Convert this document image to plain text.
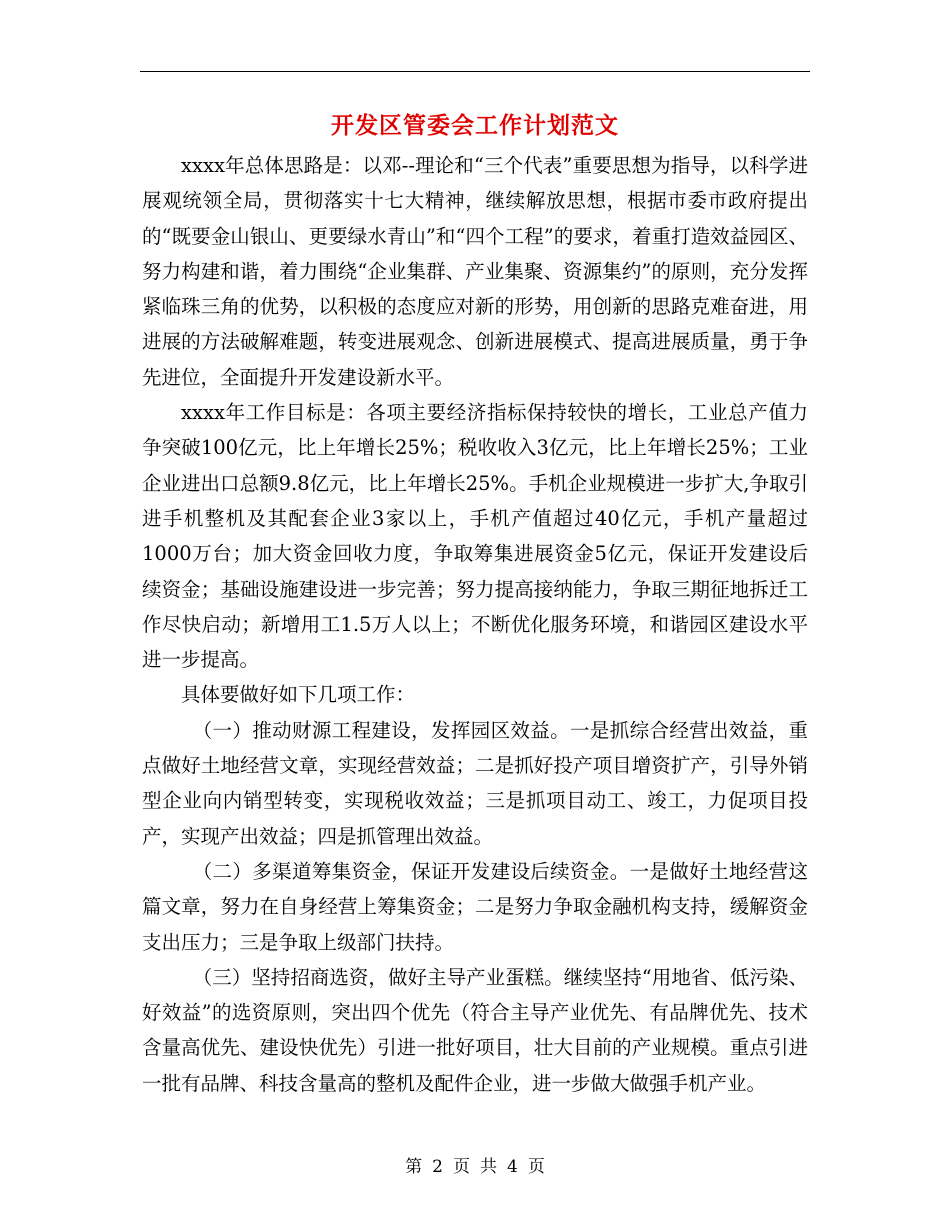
开发区管委会工作计划范文

xxxx年总体思路是：以邓--理论和“三个代表”重要思想为指导，以科学进展观统领全局，贯彻落实十七大精神，继续解放思想，根据市委市政府提出的“既要金山银山、更要绿水青山”和“四个工程”的要求，着重打造效益园区、努力构建和谐，着力围绕“企业集群、产业集聚、资源集约”的原则，充分发挥紧临珠三角的优势，以积极的态度应对新的形势，用创新的思路克难奋进，用进展的方法破解难题，转变进展观念、创新进展模式、提高进展质量，勇于争先进位，全面提升开发建设新水平。

xxxx年工作目标是：各项主要经济指标保持较快的增长，工业总产值力争突破100亿元，比上年增长25%；税收收入3亿元，比上年增长25%；工业企业进出口总额9.8亿元，比上年增长25%。手机企业规模进一步扩大,争取引进手机整机及其配套企业3家以上，手机产值超过40亿元，手机产量超过1000万台；加大资金回收力度，争取筹集进展资金5亿元，保证开发建设后续资金；基础设施建设进一步完善；努力提高接纳能力，争取三期征地拆迁工作尽快启动；新增用工1.5万人以上；不断优化服务环境，和谐园区建设水平进一步提高。

具体要做好如下几项工作：

（一）推动财源工程建设，发挥园区效益。一是抓综合经营出效益，重点做好土地经营文章，实现经营效益；二是抓好投产项目增资扩产，引导外销型企业向内销型转变，实现税收效益；三是抓项目动工、竣工，力促项目投产，实现产出效益；四是抓管理出效益。

（二）多渠道筹集资金，保证开发建设后续资金。一是做好土地经营这篇文章，努力在自身经营上筹集资金；二是努力争取金融机构支持，缓解资金支出压力；三是争取上级部门扶持。

（三）坚持招商选资，做好主导产业蛋糕。继续坚持“用地省、低污染、好效益”的选资原则，突出四个优先（符合主导产业优先、有品牌优先、技术含量高优先、建设快优先）引进一批好项目，壮大目前的产业规模。重点引进一批有品牌、科技含量高的整机及配件企业，进一步做大做强手机产业。

第 2 页 共 4 页
